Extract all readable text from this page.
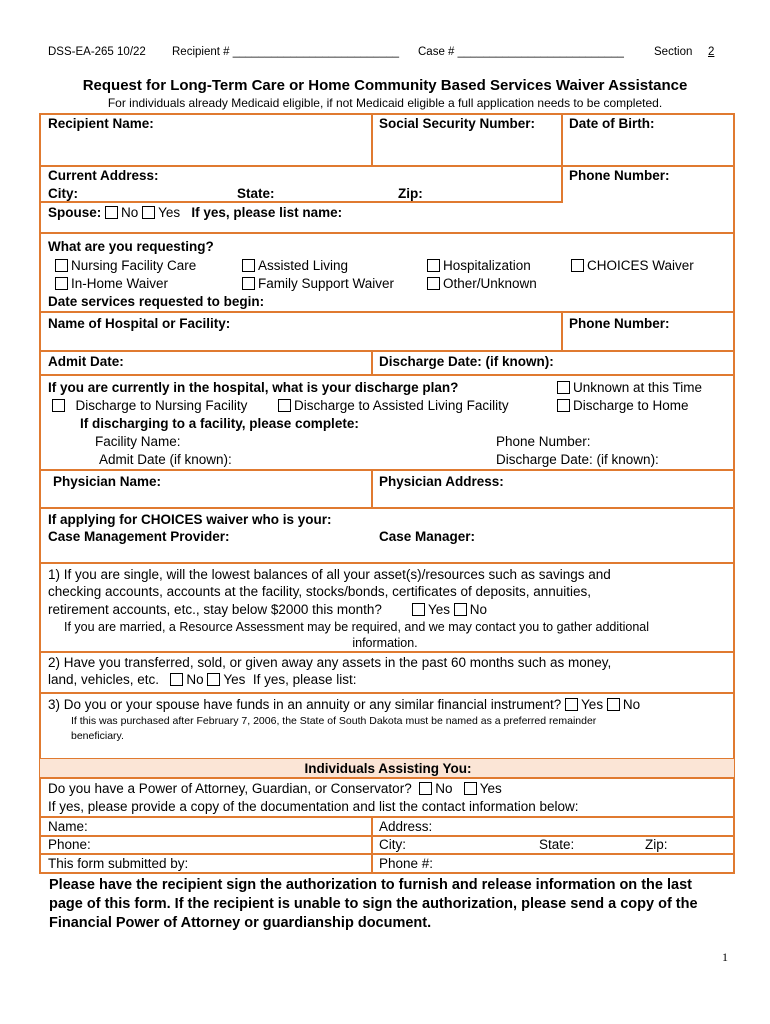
DSS-EA-265 10/22 Recipient # __________________________ Case # __________________________	Section 2
Request for Long-Term Care or Home Community Based Services Waiver Assistance
For individuals already Medicaid eligible, if not Medicaid eligible a full application needs to be completed.
Recipient Name:	Social Security Number:	Date of Birth:
Current Address:
City:	State:	Zip:
Phone Number:
Spouse: No Yes If yes, please list name:
What are you requesting?
Nursing Facility Care	Assisted Living	Hospitalization	CHOICES Waiver
In-Home Waiver	Family Support Waiver	Other/Unknown
Date services requested to begin:
Name of Hospital or Facility:	Phone Number:
Admit Date:	Discharge Date: (if known):
If you are currently in the hospital, what is your discharge plan?	Unknown at this Time
Discharge to Nursing Facility	Discharge to Assisted Living Facility	Discharge to Home
If discharging to a facility, please complete:
Facility Name:	Phone Number:
Admit Date (if known):	Discharge Date: (if known):
Physician Name:	Physician Address:
If applying for CHOICES waiver who is your:
Case Management Provider:	Case Manager:
1) If you are single, will the lowest balances of all your asset(s)/resources such as savings and
checking accounts, accounts at the facility, stocks/bonds, certificates of deposits, annuities,
retirement accounts, etc., stay below $2000 this month?	Yes No
If you are married, a Resource Assessment may be required, and we may contact you to gather additional
information.
2) Have you transferred, sold, or given away any assets in the past 60 months such as money,
land, vehicles, etc. No Yes If yes, please list:
3) Do you or your spouse have funds in an annuity or any similar financial instrument? Yes No
If this was purchased after February 7, 2006, the State of South Dakota must be named as a preferred remainder
beneficiary.
Individuals Assisting You:
Do you have a Power of Attorney, Guardian, or Conservator? No Yes
If yes, please provide a copy of the documentation and list the contact information below:
Name:	Address:
Phone:	City:	State:	Zip:
This form submitted by:	Phone #:
Please have the recipient sign the authorization to furnish and release information on the last page of this form. If the recipient is unable to sign the authorization, please send a copy of the Financial Power of Attorney or guardianship document.
1
